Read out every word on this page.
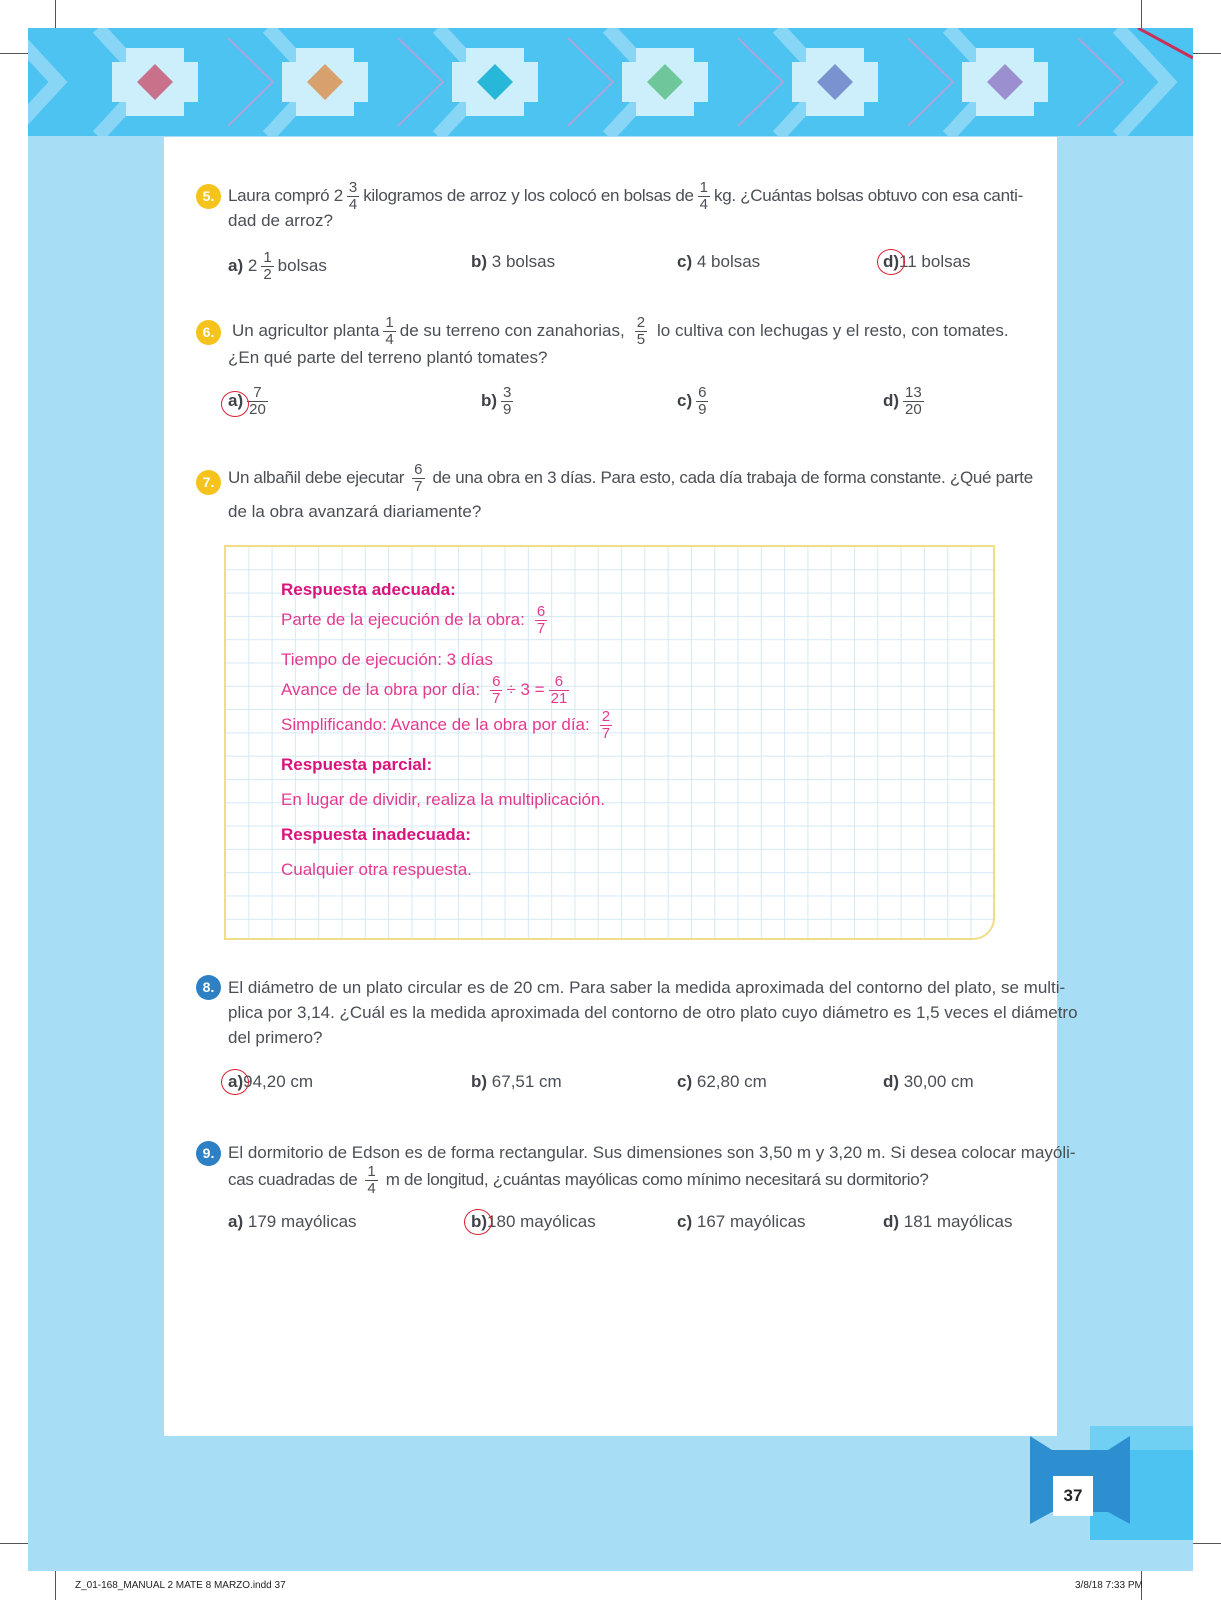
5. Laura compró $2 \frac{3}{4}$ kilogramos de arroz y los colocó en bolsas de $\frac{1}{4}$ kg. ¿Cuántas bolsas obtuvo con esa canti-
dad de arroz?
a) $2 \frac{1}{2}$ bolsas	b) 3 bolsas	c) 4 bolsas	d)11 bolsas
6.	Un agricultor planta $\frac{1}{4}$ de su terreno con zanahorias, $\frac{2}{5}$ lo cultiva con lechugas y el resto, con tomates.
¿En qué parte del terreno plantó tomates?
$a) \frac{7}{20}$	$b) \frac{3}{9}$	$c) \frac{6}{9}$	$d) \frac{13}{20}$
7. Un albañil debe ejecutar $\frac{6}{7}$ de una obra en 3 días. Para esto, cada día trabaja de forma constante. ¿Qué parte
de la obra avanzará diariamente?
Respuesta adecuada:
Parte de la ejecución de la obra: $\frac{6}{7}$
Tiempo de ejecución: 3 días
Avance de la obra por día: $\frac{6}{7} \div 3 = \frac{6}{21}$
Simplificando: Avance de la obra por día: $\frac{2}{7}$
Respuesta parcial:
En lugar de dividir, realiza la multiplicación.
Respuesta inadecuada:
Cualquier otra respuesta.
8. El diámetro de un plato circular es de 20 cm. Para saber la medida aproximada del contorno del plato, se multi-
plica por 3,14. ¿Cuál es la medida aproximada del contorno de otro plato cuyo diámetro es 1,5 veces el diámetro
del primero?
a)94,20 cm	b) 67,51 cm	c) 62,80 cm	d) 30,00 cm
9. El dormitorio de Edson es de forma rectangular. Sus dimensiones son 3,50 m y 3,20 m. Si desea colocar mayóli-
cas cuadradas de $\frac{1}{4}$ m de longitud, ¿cuántas mayólicas como mínimo necesitará su dormitorio?
a) 179 mayólicas	b)180 mayólicas	c) 167 mayólicas	d) 181 mayólicas
37
Z_01-168_MANUAL 2 MATE 8 MARZO.indd 37	3/8/18 7:33 PM
